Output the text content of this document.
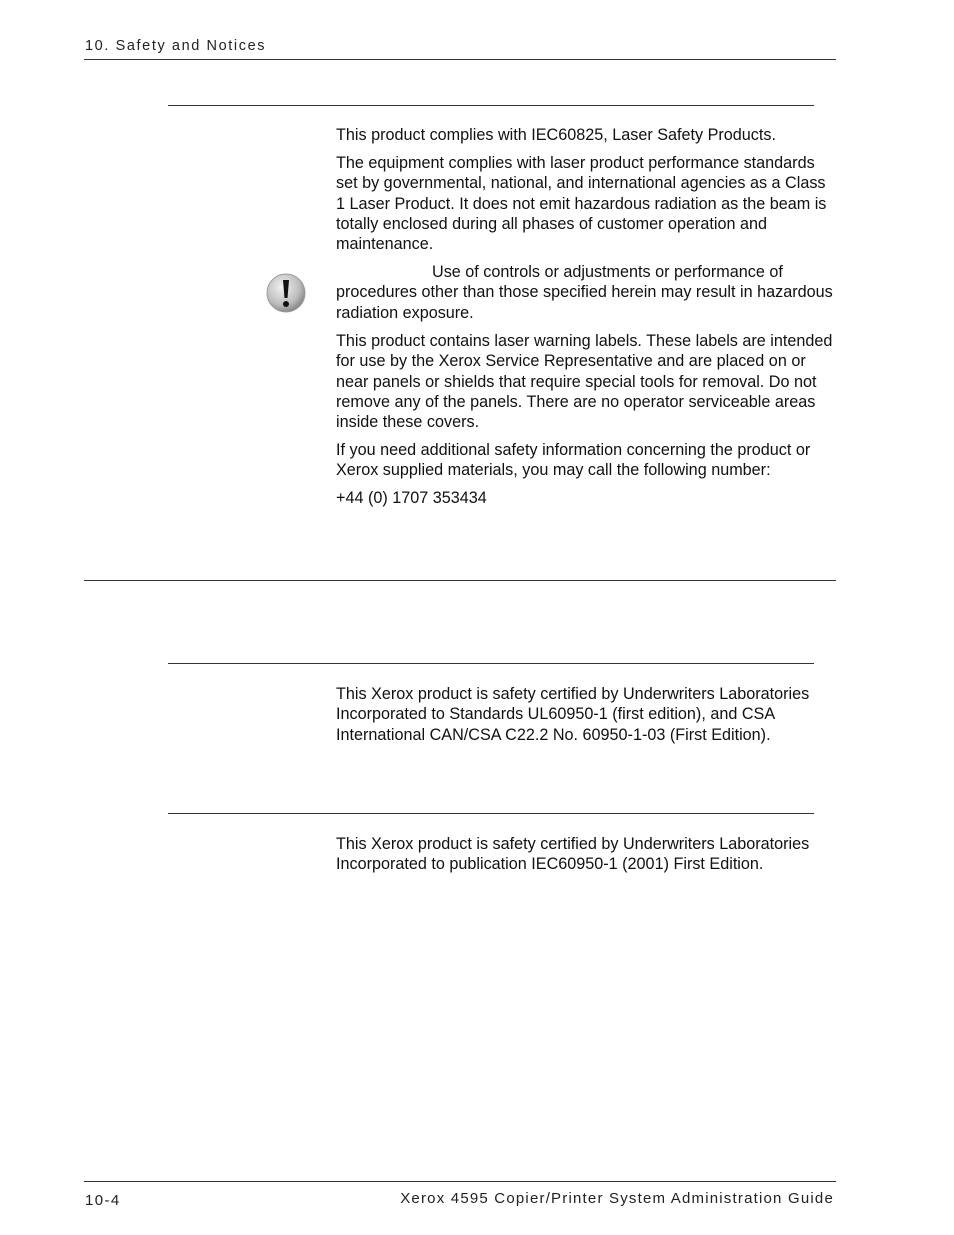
10. Safety and Notices

This product complies with IEC60825, Laser Safety Products.

The equipment complies with laser product performance standards set by governmental, national, and international agencies as a Class 1 Laser Product. It does not emit hazardous radiation as the beam is totally enclosed during all phases of customer operation and maintenance.

Use of controls or adjustments or performance of procedures other than those specified herein may result in hazardous radiation exposure.

This product contains laser warning labels. These labels are intended for use by the Xerox Service Representative and are placed on or near panels or shields that require special tools for removal. Do not remove any of the panels. There are no operator serviceable areas inside these covers.

If you need additional safety information concerning the product or Xerox supplied materials, you may call the following number:

+44 (0) 1707 353434

This Xerox product is safety certified by Underwriters Laboratories Incorporated to Standards UL60950-1 (first edition), and CSA International CAN/CSA C22.2 No. 60950-1-03 (First Edition).

This Xerox product is safety certified by Underwriters Laboratories Incorporated to publication IEC60950-1 (2001) First Edition.

10-4	Xerox 4595 Copier/Printer System Administration Guide
